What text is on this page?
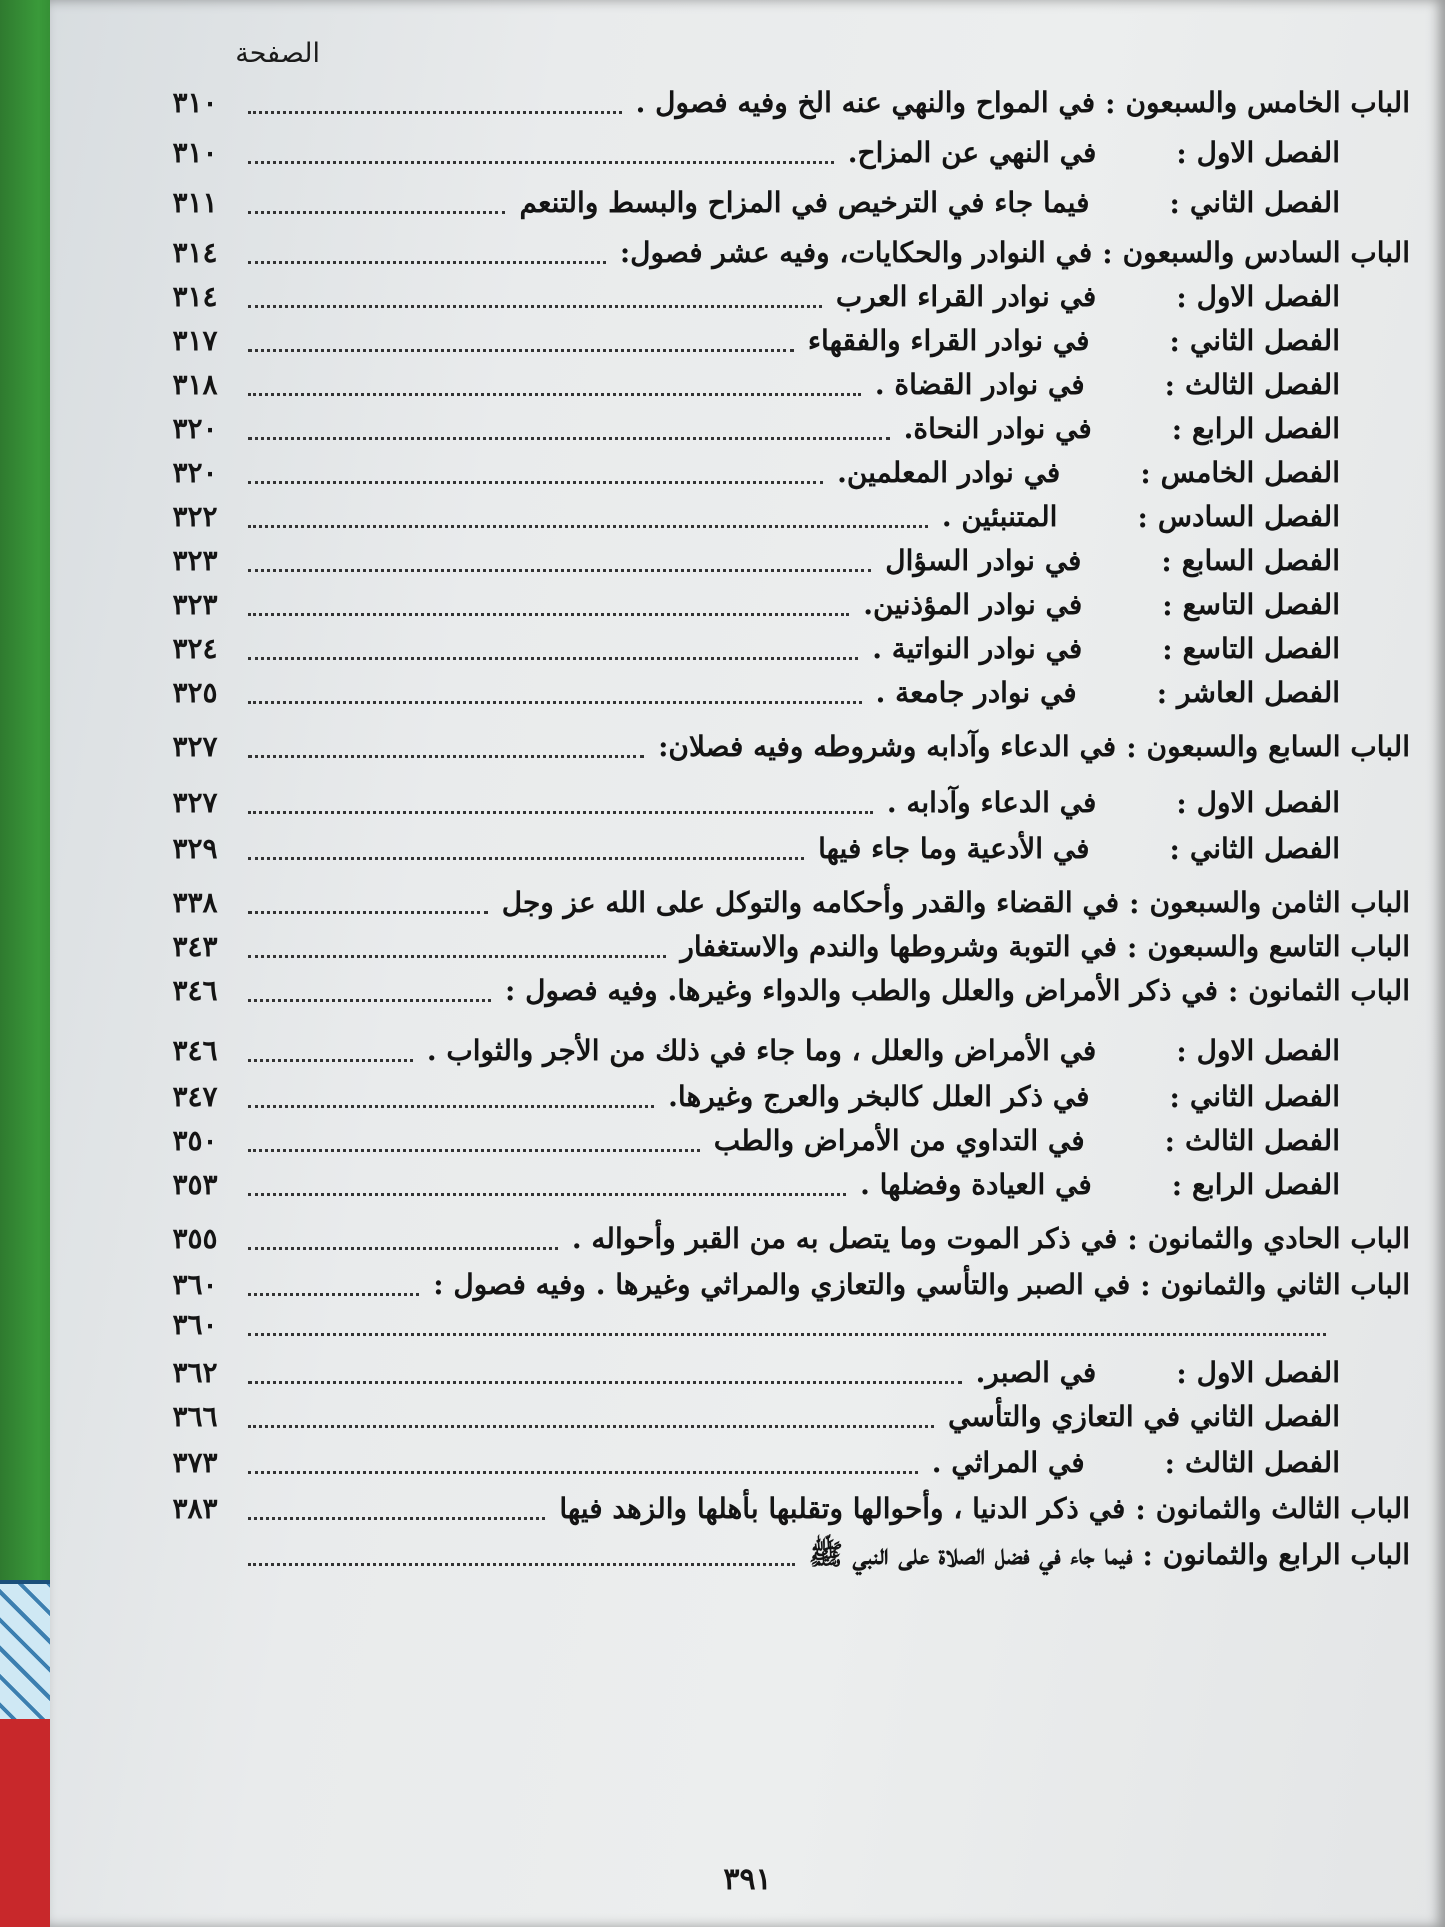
الصفحة
الباب الخامس والسبعون
:
في المواح والنهي عنه الخ وفيه فصول .
٣١٠
الفصل الاول
:
في النهي عن المزاح.
٣١٠
الفصل الثاني
:
فيما جاء في الترخيص في المزاح والبسط والتنعم
٣١١
الباب السادس والسبعون
:
في النوادر والحكايات، وفيه عشر فصول:
٣١٤
الفصل الاول
:
في نوادر القراء العرب
٣١٤
الفصل الثاني
:
في نوادر القراء والفقهاء
٣١٧
الفصل الثالث
:
في نوادر القضاة .
٣١٨
الفصل الرابع
:
في نوادر النحاة.
٣٢٠
الفصل الخامس
:
في نوادر المعلمين.
٣٢٠
الفصل السادس
:
المتنبئين .
٣٢٢
الفصل السابع
:
في نوادر السؤال
٣٢٣
الفصل التاسع
:
في نوادر المؤذنين.
٣٢٣
الفصل التاسع
:
في نوادر النواتية .
٣٢٤
الفصل العاشر
:
في نوادر جامعة .
٣٢٥
الباب السابع والسبعون
:
في الدعاء وآدابه وشروطه وفيه فصلان:
٣٢٧
الفصل الاول
:
في الدعاء وآدابه .
٣٢٧
الفصل الثاني
:
في الأدعية وما جاء فيها
٣٢٩
الباب الثامن والسبعون
:
في القضاء والقدر وأحكامه والتوكل على الله عز وجل
٣٣٨
الباب التاسع والسبعون
:
في التوبة وشروطها والندم والاستغفار
٣٤٣
الباب الثمانون
:
في ذكر الأمراض والعلل والطب والدواء وغيرها. وفيه فصول :
٣٤٦
الفصل الاول
:
في الأمراض والعلل ، وما جاء في ذلك من الأجر والثواب .
٣٤٦
الفصل الثاني
:
في ذكر العلل كالبخر والعرج وغيرها.
٣٤٧
الفصل الثالث
:
في التداوي من الأمراض والطب
٣٥٠
الفصل الرابع
:
في العيادة وفضلها .
٣٥٣
الباب الحادي والثمانون
:
في ذكر الموت وما يتصل به من القبر وأحواله .
٣٥٥
الباب الثاني والثمانون
:
في الصبر والتأسي والتعازي والمراثي وغيرها . وفيه فصول :
٣٦٠
٣٦٠
الفصل الاول
:
في الصبر.
٣٦٢
الفصل الثاني في التعازي والتأسي
٣٦٦
الفصل الثالث
:
في المراثي .
٣٧٣
الباب الثالث والثمانون
:
في ذكر الدنيا ، وأحوالها وتقلبها بأهلها والزهد فيها
٣٨٣
الباب الرابع والثمانون
:
فيما جاء في فضل الصلاة على النبي ﷺ
٣٩١
